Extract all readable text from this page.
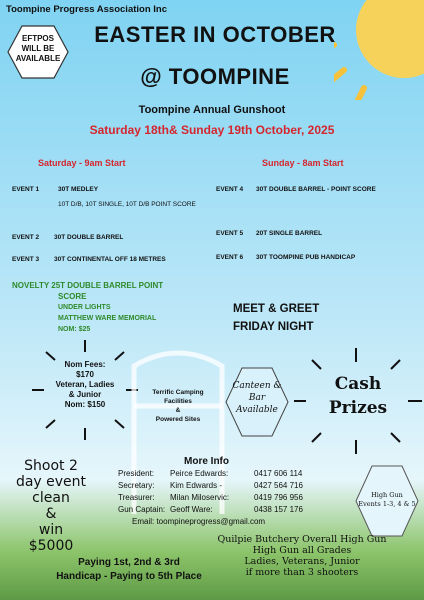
Toompine Progress Association Inc
EFTPOS
WILL BE
AVAILABLE
EASTER IN OCTOBER
@ TOOMPINE
Toompine Annual Gunshoot
Saturday 18th& Sunday 19th October, 2025
Saturday - 9am Start	Sunday - 8am Start
EVENT 1	30T MEDLEY
10T D/B, 10T SINGLE, 10T D/B POINT SCORE
EVENT 2 30T DOUBLE BARREL
EVENT 3 30T CONTINENTAL OFF 18 METRES
EVENT 4 30T DOUBLE BARREL - POINT SCORE
EVENT 5 20T SINGLE BARREL
EVENT 6 30T TOOMPINE PUB HANDICAP
NOVELTY 25T DOUBLE BARREL POINT
SCORE
UNDER LIGHTS
MATTHEW WARE MEMORIAL
NOM: $25
MEET & GREET
FRIDAY NIGHT
Nom Fees:
$170
Veteran, Ladies
& Junior
Nom: $150
Terrific Camping
Facilities
&
Powered Sites
Canteen &
Bar
Available
Cash
Prizes
More Info
President: Peirce Edwards:	0417 606 114
Secretary: Kim Edwards -	0427 564 716
Treasurer: Milan Miloservic:	0419 796 956
Gun Captain: Geoff Ware:	0438 157 176
Email: toompineprogress@gmail.com
Shoot 2
day event
clean
&
win
$5000
High Gun
Events 1-3, 4 & 5
Quilpie Butchery Overall High Gun
High Gun all Grades
Ladies, Veterans, Junior
if more than 3 shooters
Paying 1st, 2nd & 3rd
Handicap - Paying to 5th Place
